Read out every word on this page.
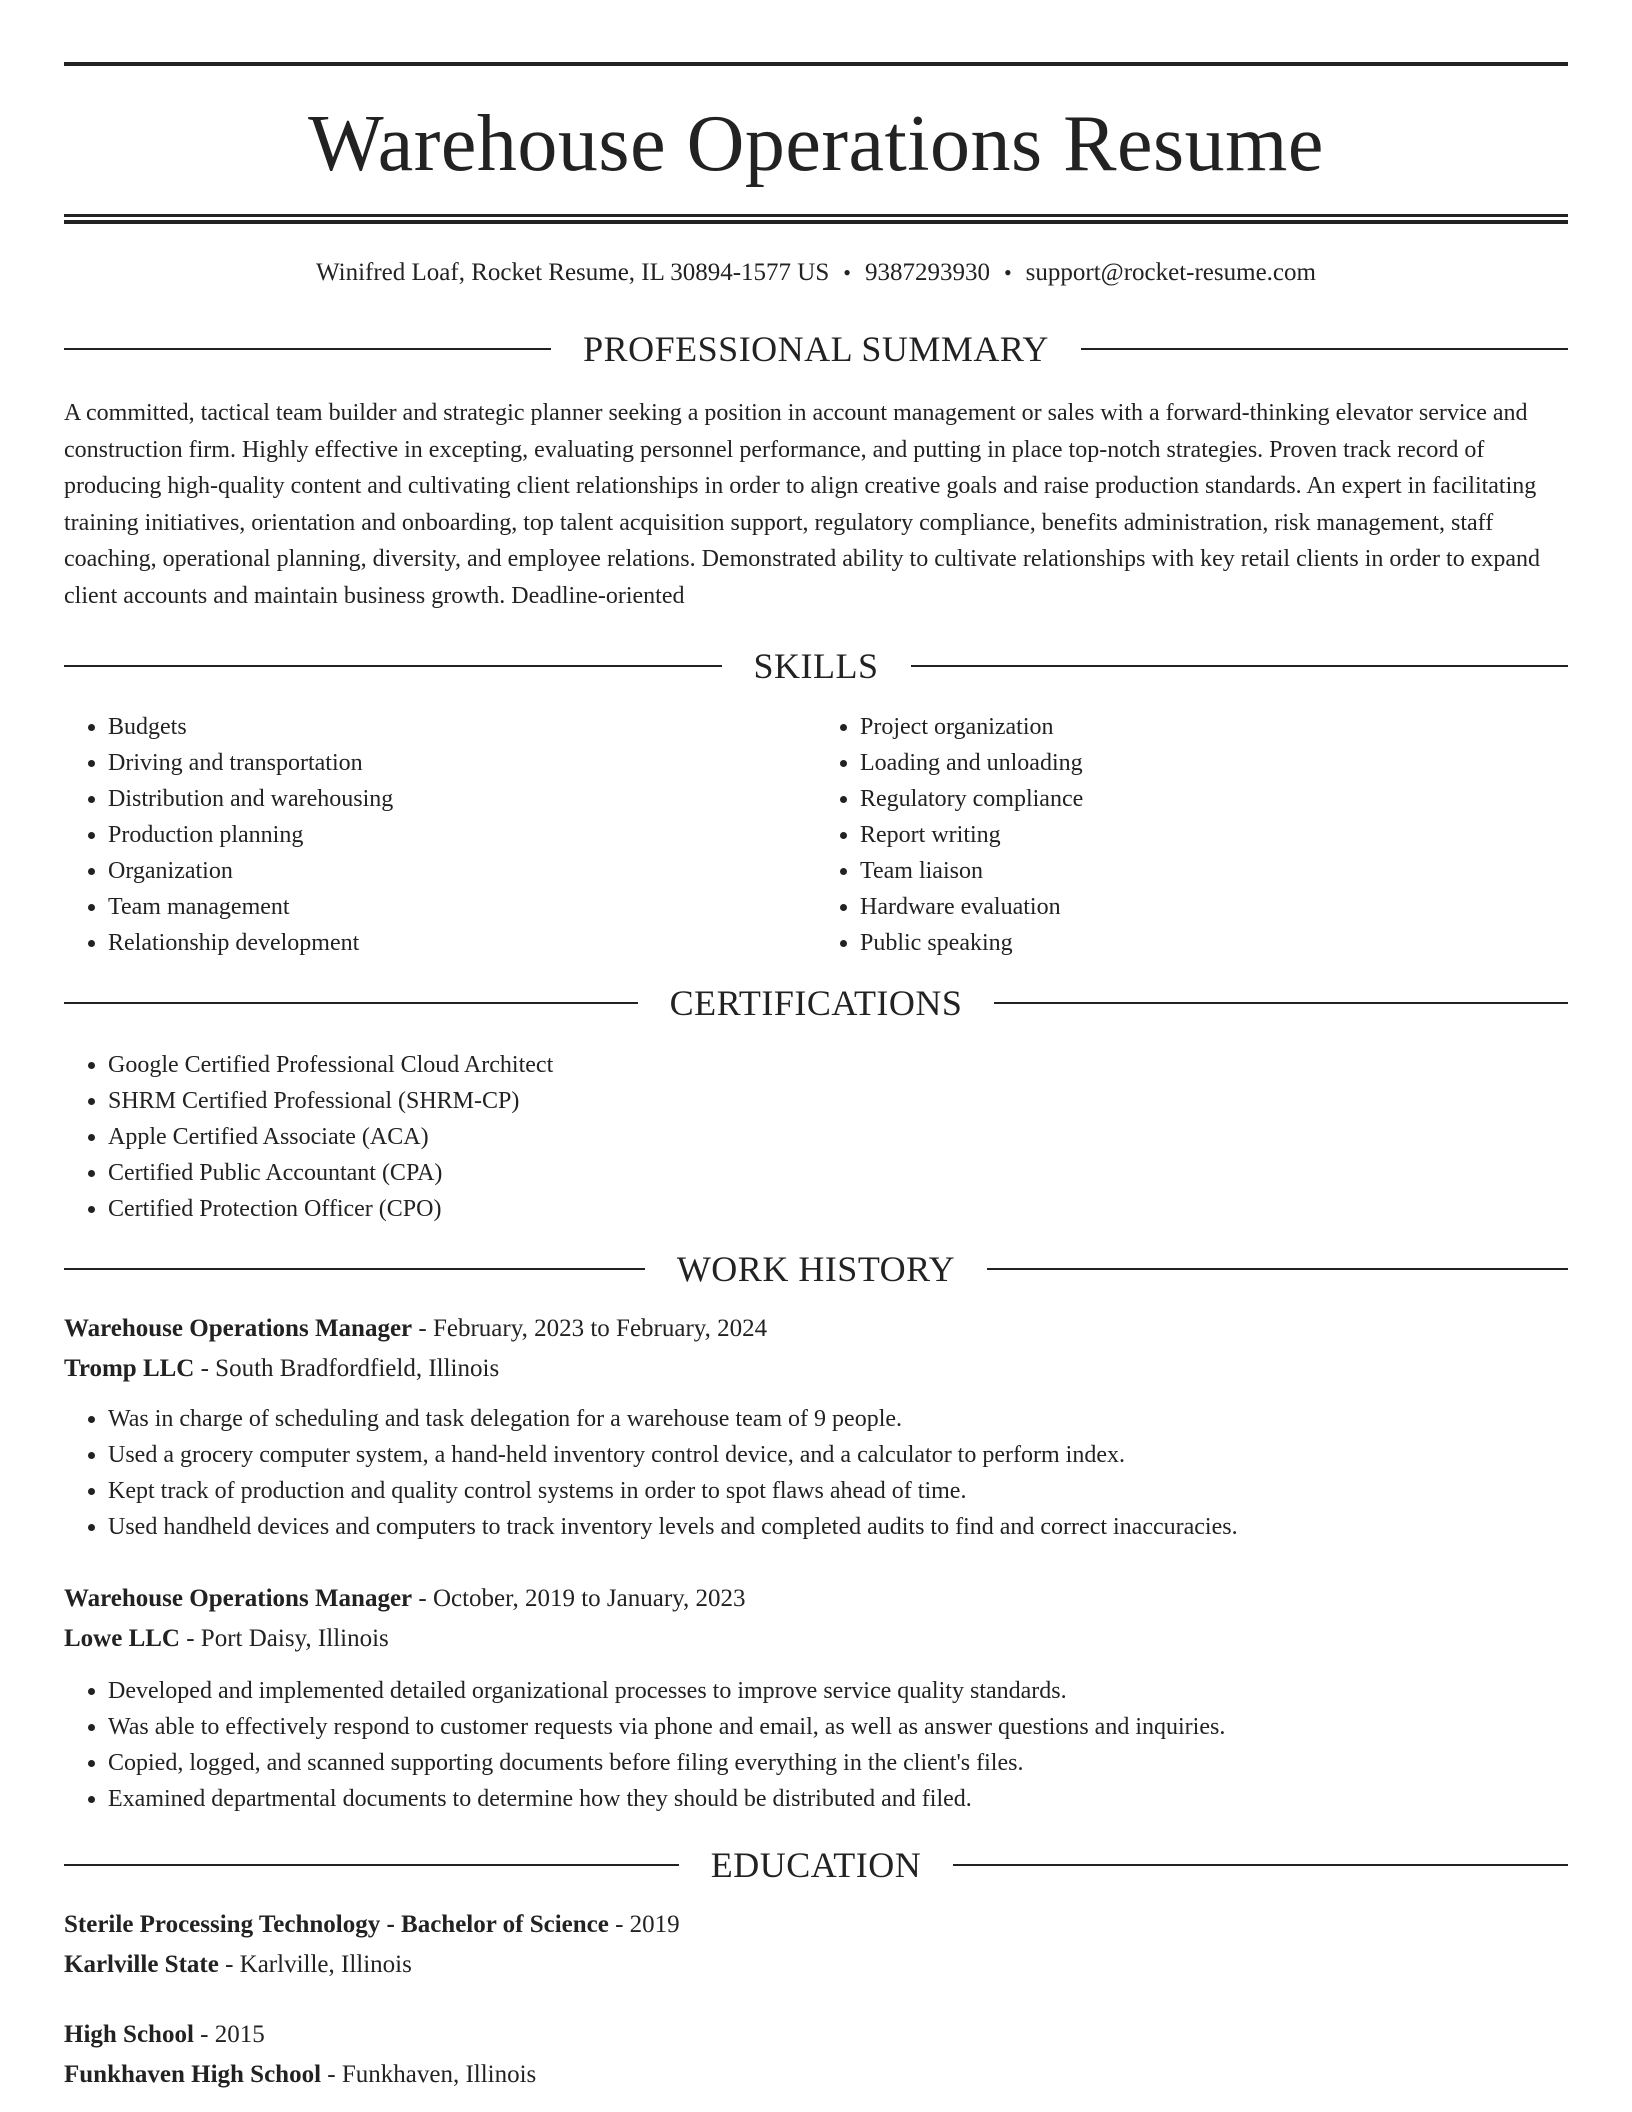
Warehouse Operations Resume
Winifred Loaf, Rocket Resume, IL 30894-1577 US • 9387293930 • support@rocket-resume.com
PROFESSIONAL SUMMARY

A committed, tactical team builder and strategic planner seeking a position in account management or sales with a forward-thinking elevator service and construction firm. Highly effective in excepting, evaluating personnel performance, and putting in place top-notch strategies. Proven track record of producing high-quality content and cultivating client relationships in order to align creative goals and raise production standards. An expert in facilitating training initiatives, orientation and onboarding, top talent acquisition support, regulatory compliance, benefits administration, risk management, staff coaching, operational planning, diversity, and employee relations. Demonstrated ability to cultivate relationships with key retail clients in order to expand client accounts and maintain business growth. Deadline-oriented

SKILLS
• Budgets
• Driving and transportation
• Distribution and warehousing
• Production planning
• Organization
• Team management
• Relationship development
• Project organization
• Loading and unloading
• Regulatory compliance
• Report writing
• Team liaison
• Hardware evaluation
• Public speaking
CERTIFICATIONS
• Google Certified Professional Cloud Architect
• SHRM Certified Professional (SHRM-CP)
• Apple Certified Associate (ACA)
• Certified Public Accountant (CPA)
• Certified Protection Officer (CPO)
WORK HISTORY
Warehouse Operations Manager - February, 2023 to February, 2024
Tromp LLC - South Bradfordfield, Illinois
• Was in charge of scheduling and task delegation for a warehouse team of 9 people.
• Used a grocery computer system, a hand-held inventory control device, and a calculator to perform index.
• Kept track of production and quality control systems in order to spot flaws ahead of time.
• Used handheld devices and computers to track inventory levels and completed audits to find and correct inaccuracies.
Warehouse Operations Manager - October, 2019 to January, 2023
Lowe LLC - Port Daisy, Illinois
• Developed and implemented detailed organizational processes to improve service quality standards.
• Was able to effectively respond to customer requests via phone and email, as well as answer questions and inquiries.
• Copied, logged, and scanned supporting documents before filing everything in the client's files.
• Examined departmental documents to determine how they should be distributed and filed.
EDUCATION
Sterile Processing Technology - Bachelor of Science - 2019
Karlville State - Karlville, Illinois
High School - 2015
Funkhaven High School - Funkhaven, Illinois
